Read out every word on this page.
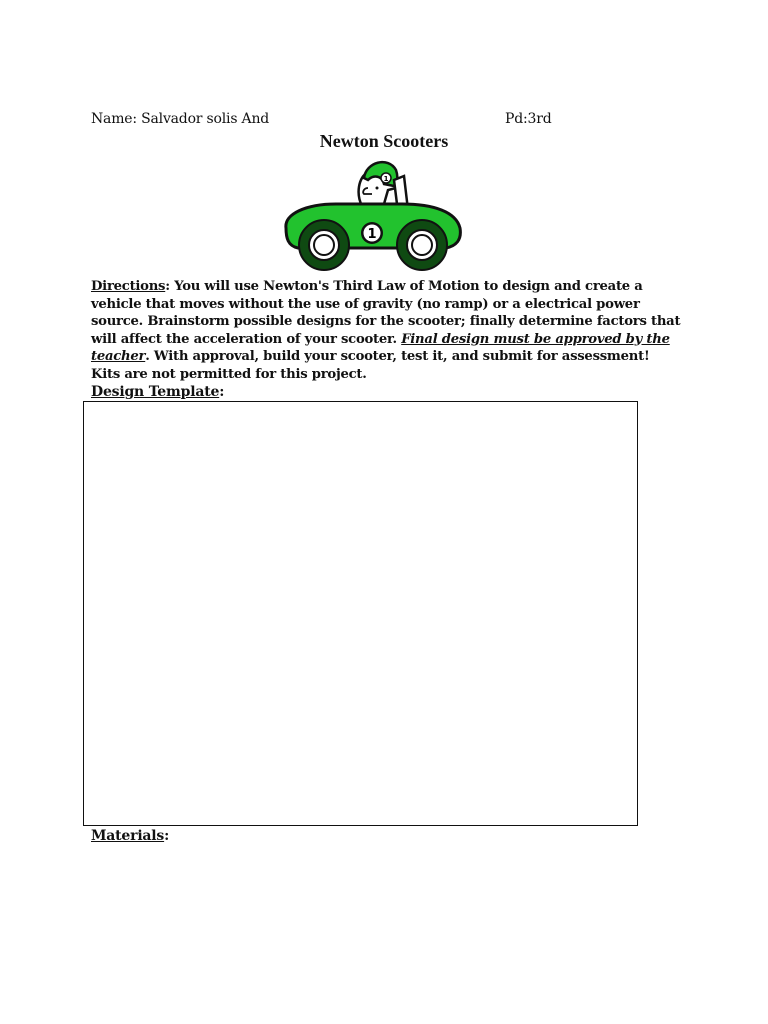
Name: Salvador solis And	Pd:3rd
Newton Scooters
1
1
Directions: You will use Newton's Third Law of Motion to design and create a vehicle that moves without the use of gravity (no ramp) or a electrical power source. Brainstorm possible designs for the scooter; finally determine factors that will affect the acceleration of your scooter. Final design must be approved by the teacher. With approval, build your scooter, test it, and submit for assessment! Kits are not permitted for this project.
Design Template:
Materials:
